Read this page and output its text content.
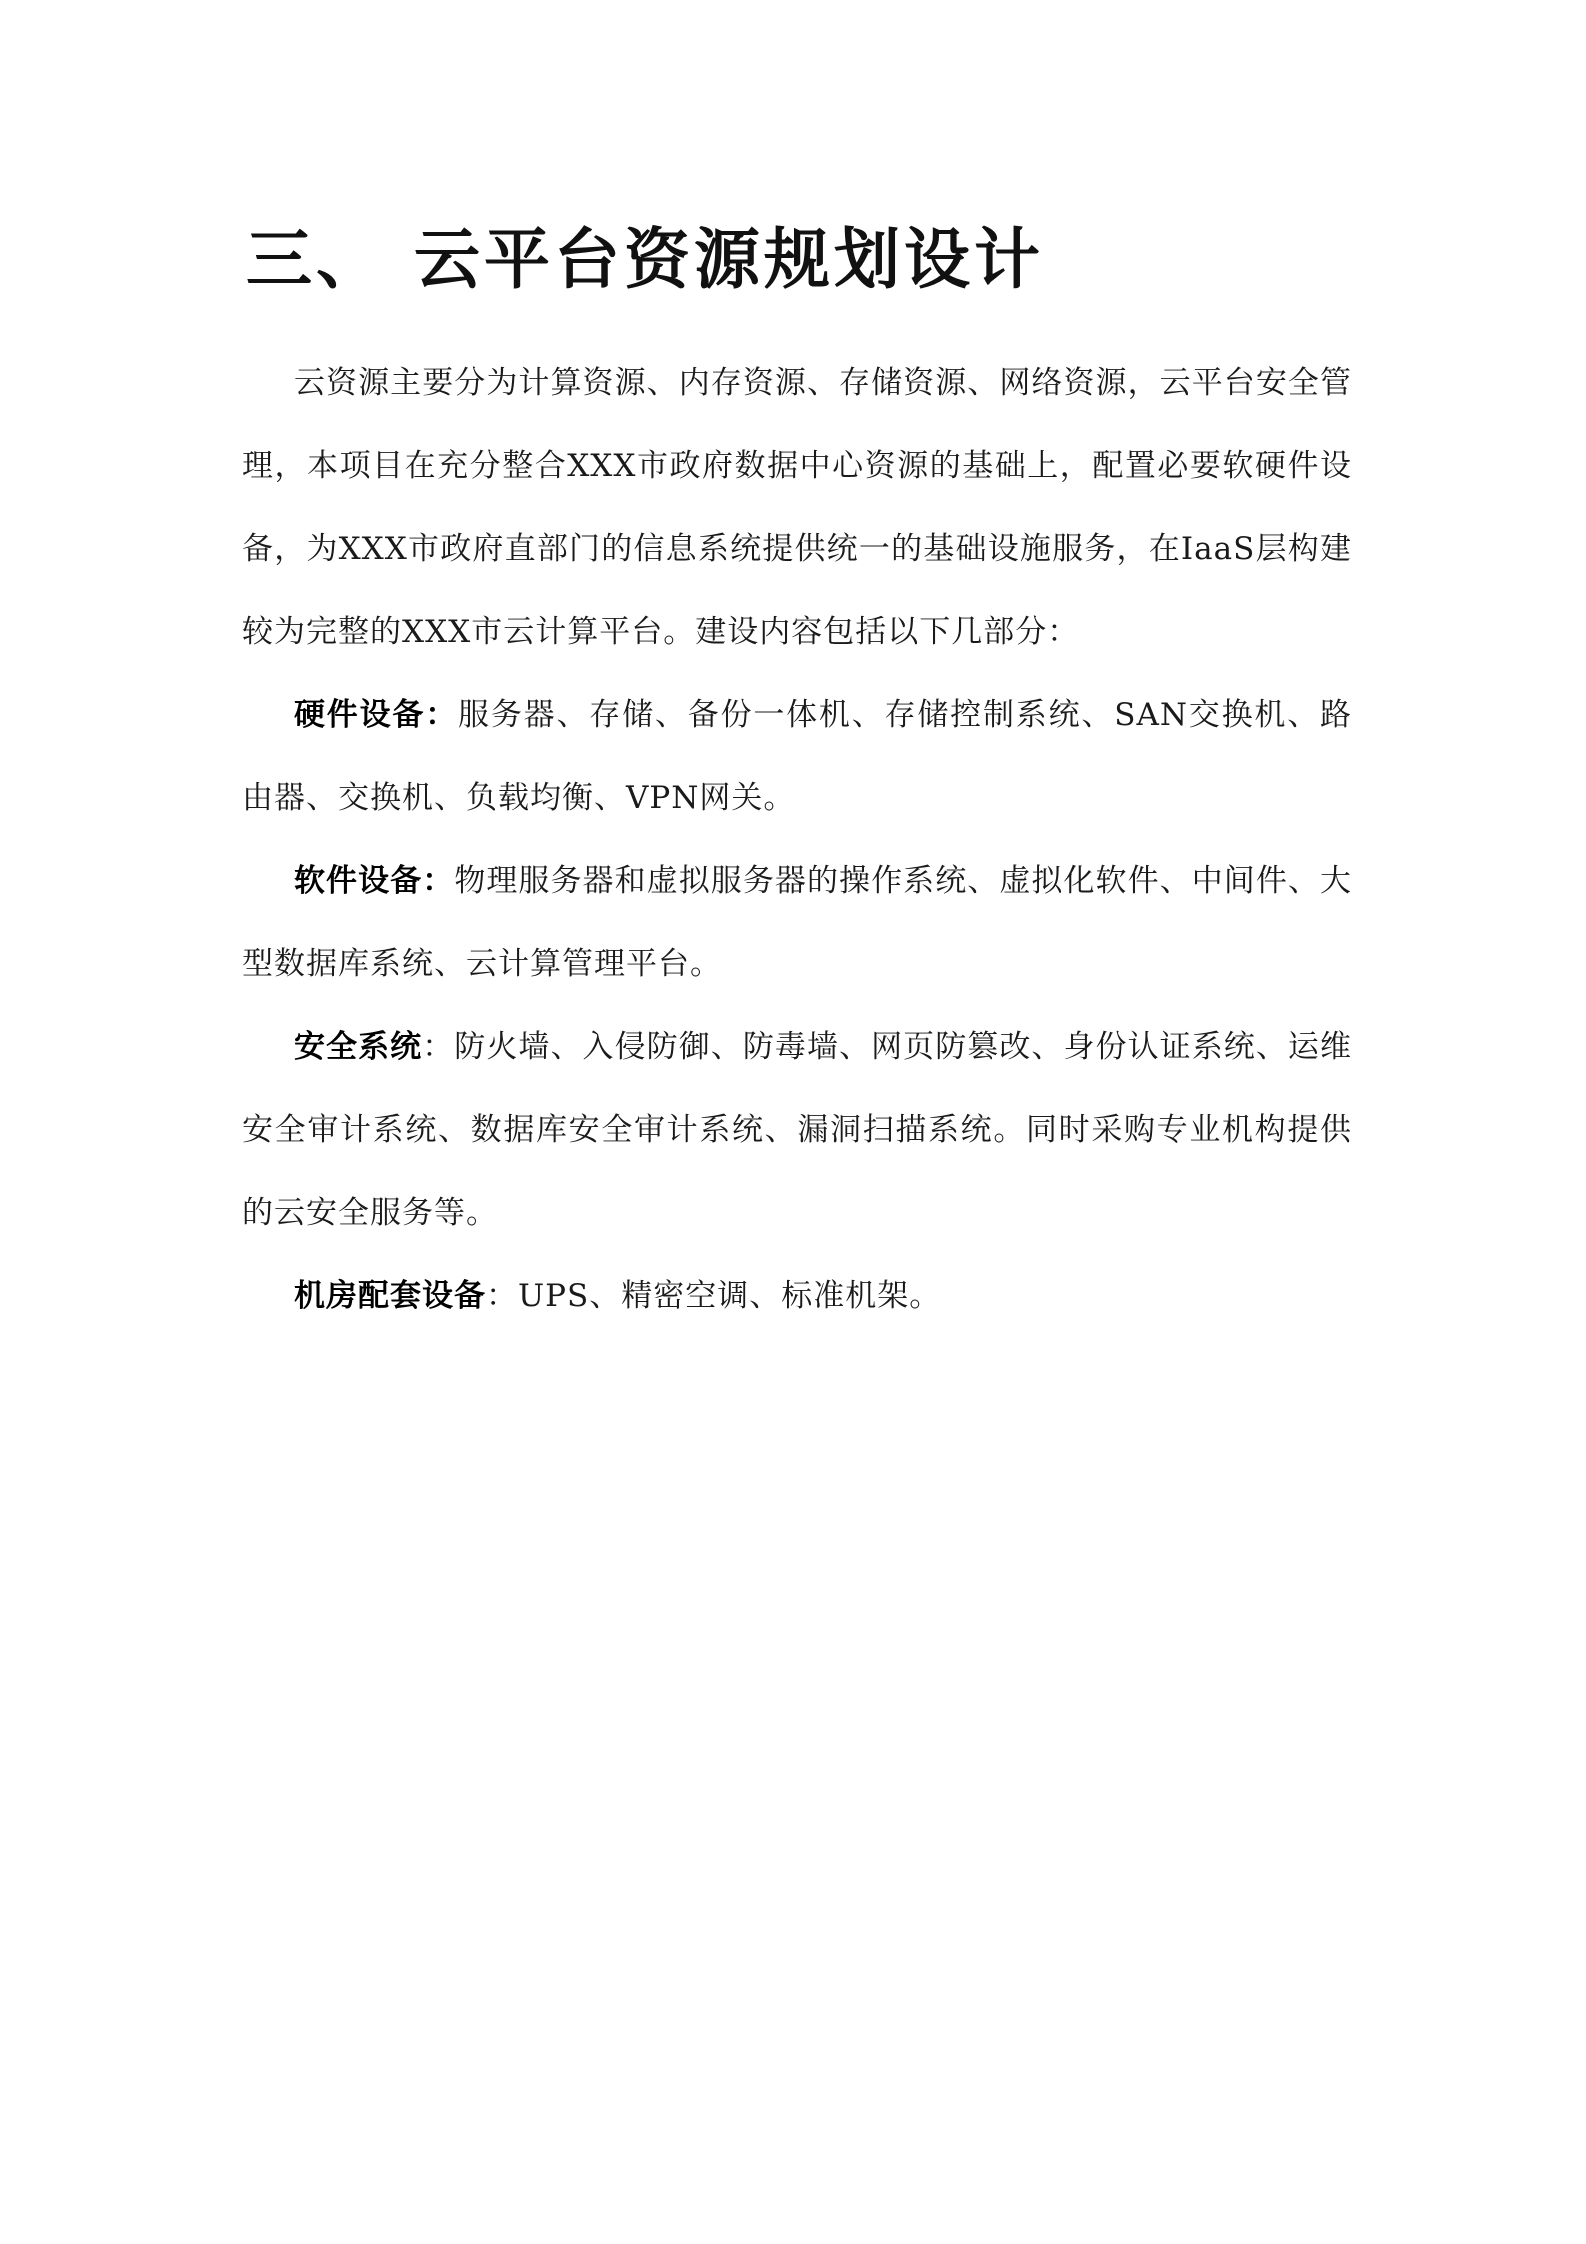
三、 云平台资源规划设计

云资源主要分为计算资源、内存资源、存储资源、网络资源，云平台安全管理，本项目在充分整合XXX市政府数据中心资源的基础上，配置必要软硬件设备，为XXX市政府直部门的信息系统提供统一的基础设施服务，在IaaS层构建较为完整的XXX市云计算平台。建设内容包括以下几部分：

硬件设备：服务器、存储、备份一体机、存储控制系统、SAN交换机、路由器、交换机、负载均衡、VPN网关。

软件设备：物理服务器和虚拟服务器的操作系统、虚拟化软件、中间件、大型数据库系统、云计算管理平台。

安全系统：防火墙、入侵防御、防毒墙、网页防篡改、身份认证系统、运维安全审计系统、数据库安全审计系统、漏洞扫描系统。同时采购专业机构提供的云安全服务等。

机房配套设备：UPS、精密空调、标准机架。
